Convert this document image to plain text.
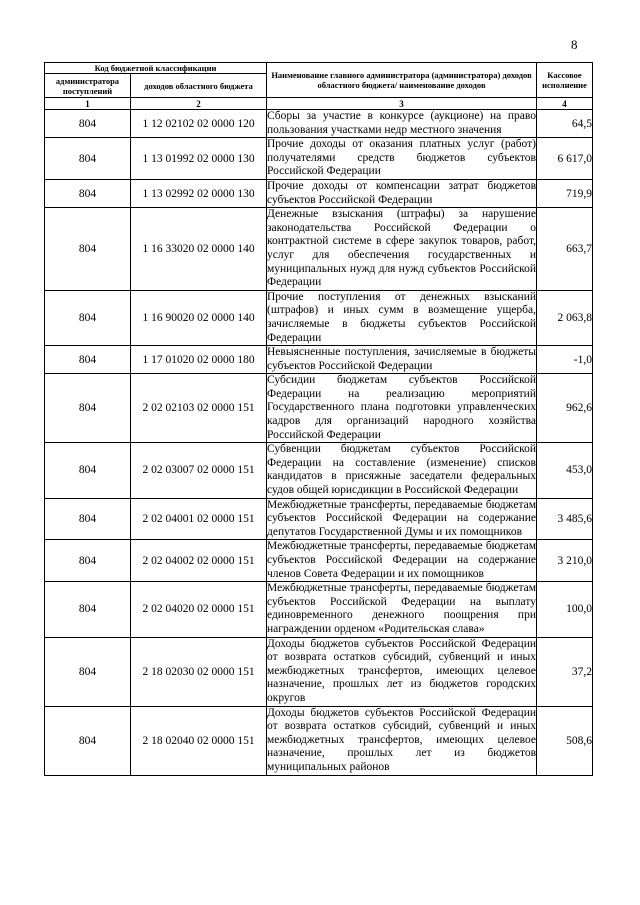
8
Код бюджетной классификации		Наименование главного администратора (администратора) доходов областного бюджета/ наименование доходов	Кассовое исполнение
администратора поступлений	доходов областного бюджета		
1	2	3	4
804	1 12 02102 02 0000 120	Сборы за участие в конкурсе (аукционе) на право пользования участками недр местного значения	64,5
804	1 13 01992 02 0000 130	Прочие доходы от оказания платных услуг (работ) получателями средств бюджетов субъектов Российской Федерации	6 617,0
804	1 13 02992 02 0000 130	Прочие доходы от компенсации затрат бюджетов субъектов Российской Федерации	719,9
804	1 16 33020 02 0000 140	Денежные взыскания (штрафы) за нарушение законодательства Российской Федерации о контрактной системе в сфере закупок товаров, работ, услуг для обеспечения государственных и муниципальных нужд для нужд субъектов Российской Федерации	663,7
804	1 16 90020 02 0000 140	Прочие поступления от денежных взысканий (штрафов) и иных сумм в возмещение ущерба, зачисляемые в бюджеты субъектов Российской Федерации	2 063,8
804	1 17 01020 02 0000 180	Невыясненные поступления, зачисляемые в бюджеты субъектов Российской Федерации	-1,0
804	2 02 02103 02 0000 151	Субсидии бюджетам субъектов Российской Федерации на реализацию мероприятий Государственного плана подготовки управленческих кадров для организаций народного хозяйства Российской Федерации	962,6
804	2 02 03007 02 0000 151	Субвенции бюджетам субъектов Российской Федерации на составление (изменение) списков кандидатов в присяжные заседатели федеральных судов общей юрисдикции в Российской Федерации	453,0
804	2 02 04001 02 0000 151	Межбюджетные трансферты, передаваемые бюджетам субъектов Российской Федерации на содержание депутатов Государственной Думы и их помощников	3 485,6
804	2 02 04002 02 0000 151	Межбюджетные трансферты, передаваемые бюджетам субъектов Российской Федерации на содержание членов Совета Федерации и их помощников	3 210,0
804	2 02 04020 02 0000 151	Межбюджетные трансферты, передаваемые бюджетам субъектов Российской Федерации на выплату единовременного денежного поощрения при награждении орденом «Родительская слава»	100,0
804	2 18 02030 02 0000 151	Доходы бюджетов субъектов Российской Федерации от возврата остатков субсидий, субвенций и иных межбюджетных трансфертов, имеющих целевое назначение, прошлых лет из бюджетов городских округов	37,2
804	2 18 02040 02 0000 151	Доходы бюджетов субъектов Российской Федерации от возврата остатков субсидий, субвенций и иных межбюджетных трансфертов, имеющих целевое назначение, прошлых лет из бюджетов муниципальных районов	508,6
